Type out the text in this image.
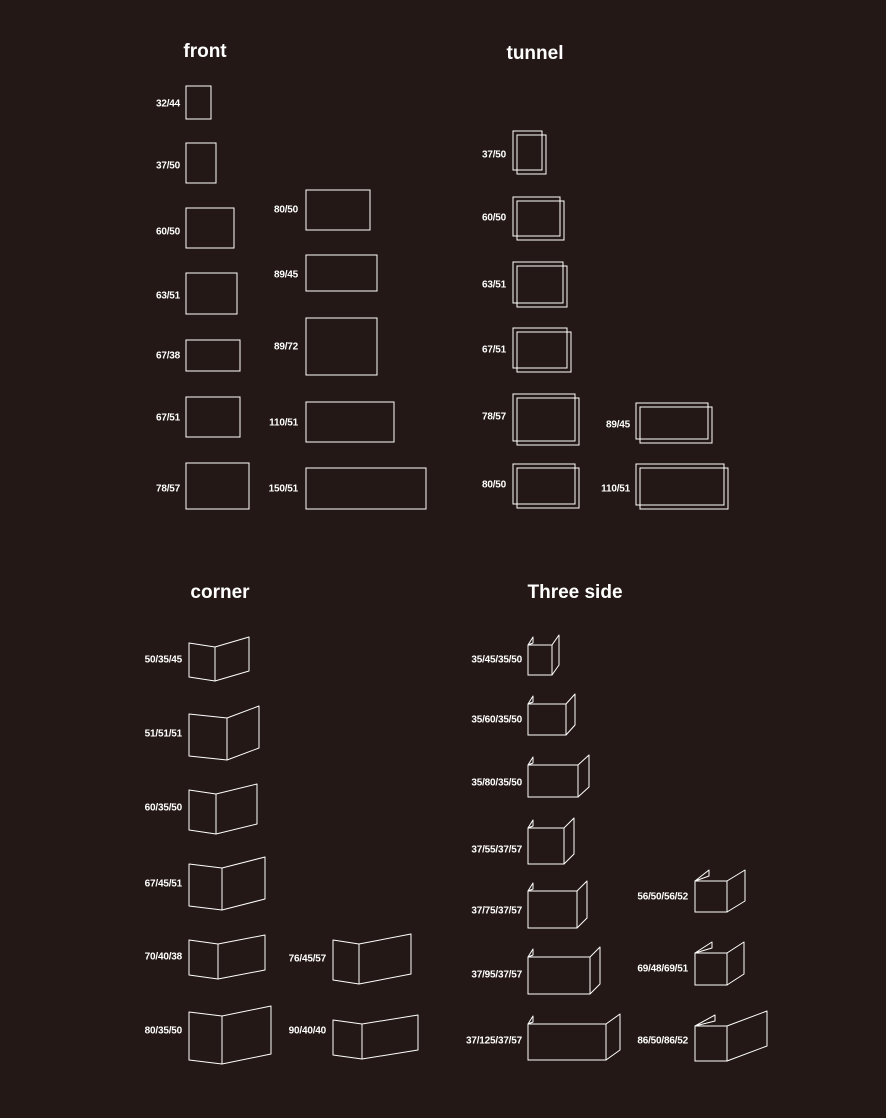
front	tunnel
corner	Three side
32/44
37/50
60/50
63/51
67/38
67/51
78/57
80/50
89/45
89/72
110/51
150/51
37/50
60/50
63/51
67/51
78/57
80/50
89/45
110/51
50/35/45
51/51/51
60/35/50
67/45/51
70/40/38	76/45/57
80/35/50	90/40/40
35/45/35/50
35/60/35/50
35/80/35/50
37/55/37/57
37/75/37/57
37/95/37/57
37/125/37/57
56/50/56/52
69/48/69/51
86/50/86/52
